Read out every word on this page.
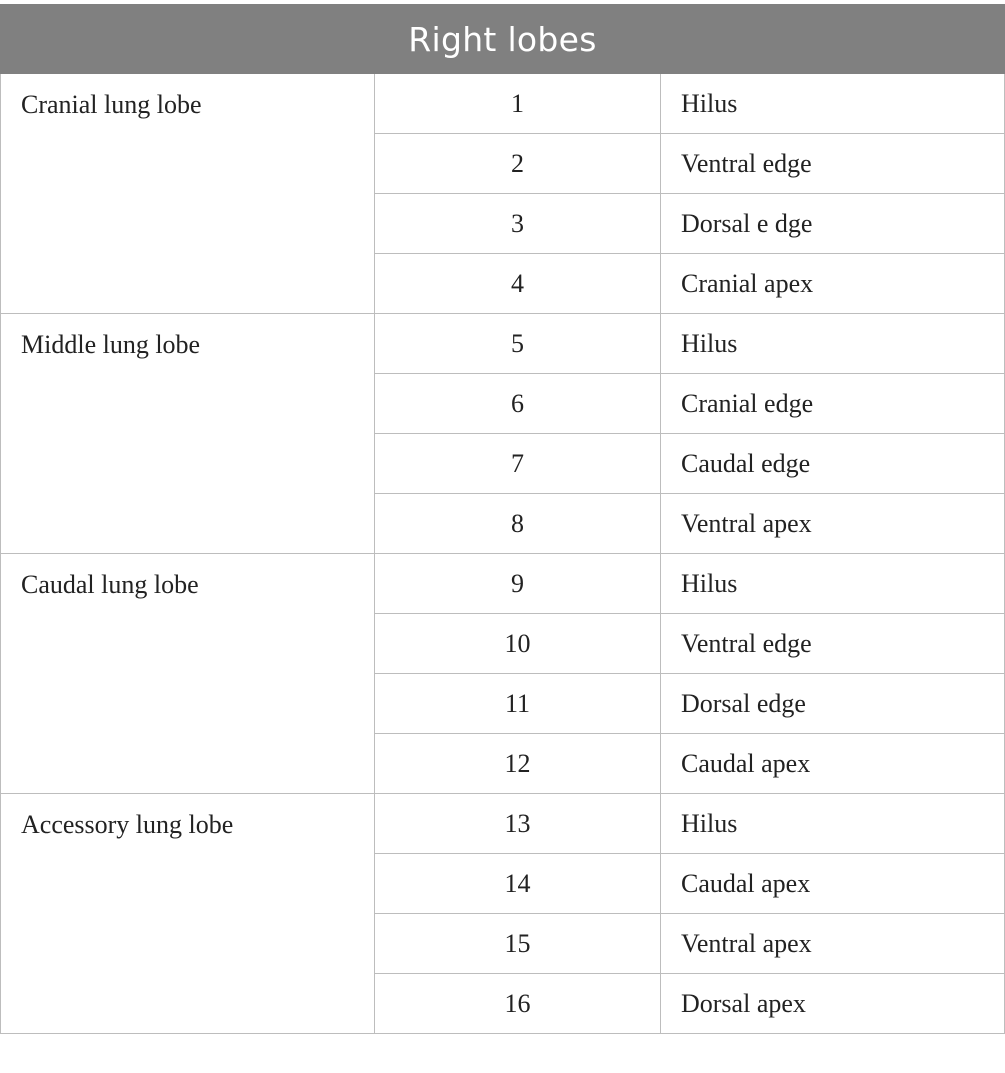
Right lobes		
Cranial lung lobe	1	Hilus
	2	Ventral edge
	3	Dorsal e dge
	4	Cranial apex
Middle lung lobe	5	Hilus
	6	Cranial edge
	7	Caudal edge
	8	Ventral apex
Caudal lung lobe	9	Hilus
	10	Ventral edge
	11	Dorsal edge
	12	Caudal apex
Accessory lung lobe	13	Hilus
	14	Caudal apex
	15	Ventral apex
	16	Dorsal apex
